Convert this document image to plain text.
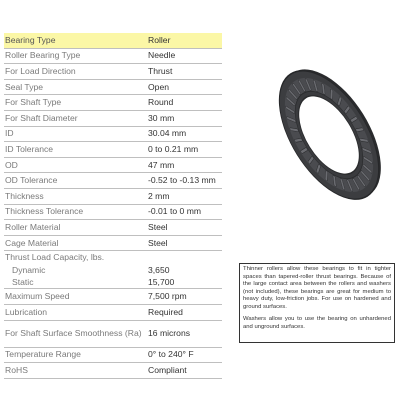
Bearing Type	Roller
Roller Bearing Type	Needle
For Load Direction	Thrust
Seal Type	Open
For Shaft Type	Round
For Shaft Diameter	30 mm
ID	30.04 mm
ID Tolerance	0 to 0.21 mm
OD	47 mm
OD Tolerance	-0.52 to -0.13 mm
Thickness	2 mm
Thickness Tolerance	-0.01 to 0 mm
Roller Material	Steel
Cage Material	Steel
Thrust Load Capacity, lbs.	
Dynamic	3,650
Static	15,700
Maximum Speed	7,500 rpm
Lubrication	Required
For Shaft Surface Smoothness (Ra)	16 microns
Temperature Range	0° to 240° F
RoHS	Compliant

Thinner rollers allow these bearings to fit in tighter spaces than tapered-roller thrust bearings. Because of the large contact area between the rollers and washers (not included), these bearings are great for medium to heavy duty, low-friction jobs. For use on hardened and ground surfaces.

Washers allow you to use the bearing on unhardened and unground surfaces.
